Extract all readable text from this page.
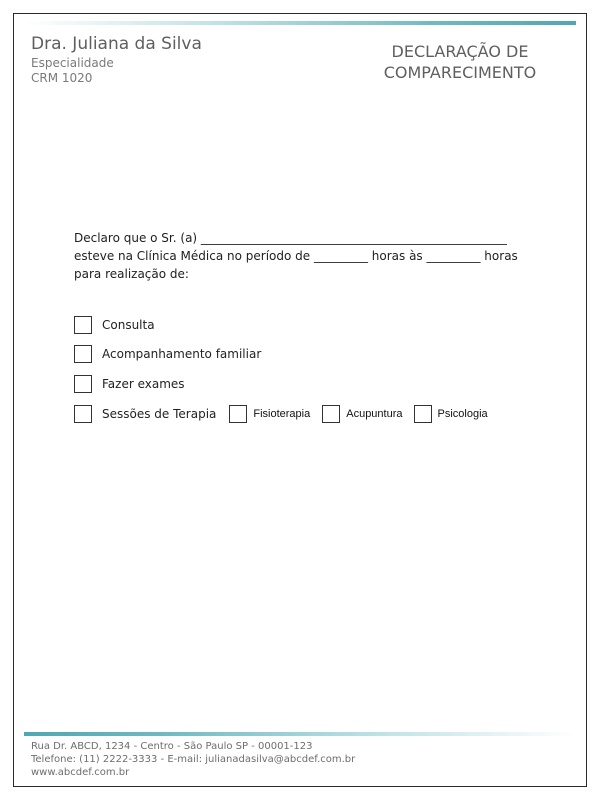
Dra. Juliana da Silva
Especialidade
CRM 1020
DECLARAÇÃO DE
COMPARECIMENTO
Declaro que o Sr. (a) ___________________________________________________
esteve na Clínica Médica no período de _________ horas às _________ horas
para realização de:
Consulta
Acompanhamento familiar
Fazer exames
Sessões de Terapia	Fisioterapia	Acupuntura	Psicologia
Rua Dr. ABCD, 1234 - Centro - São Paulo SP - 00001-123
Telefone: (11) 2222-3333 - E-mail: julianadasilva@abcdef.com.br
www.abcdef.com.br
